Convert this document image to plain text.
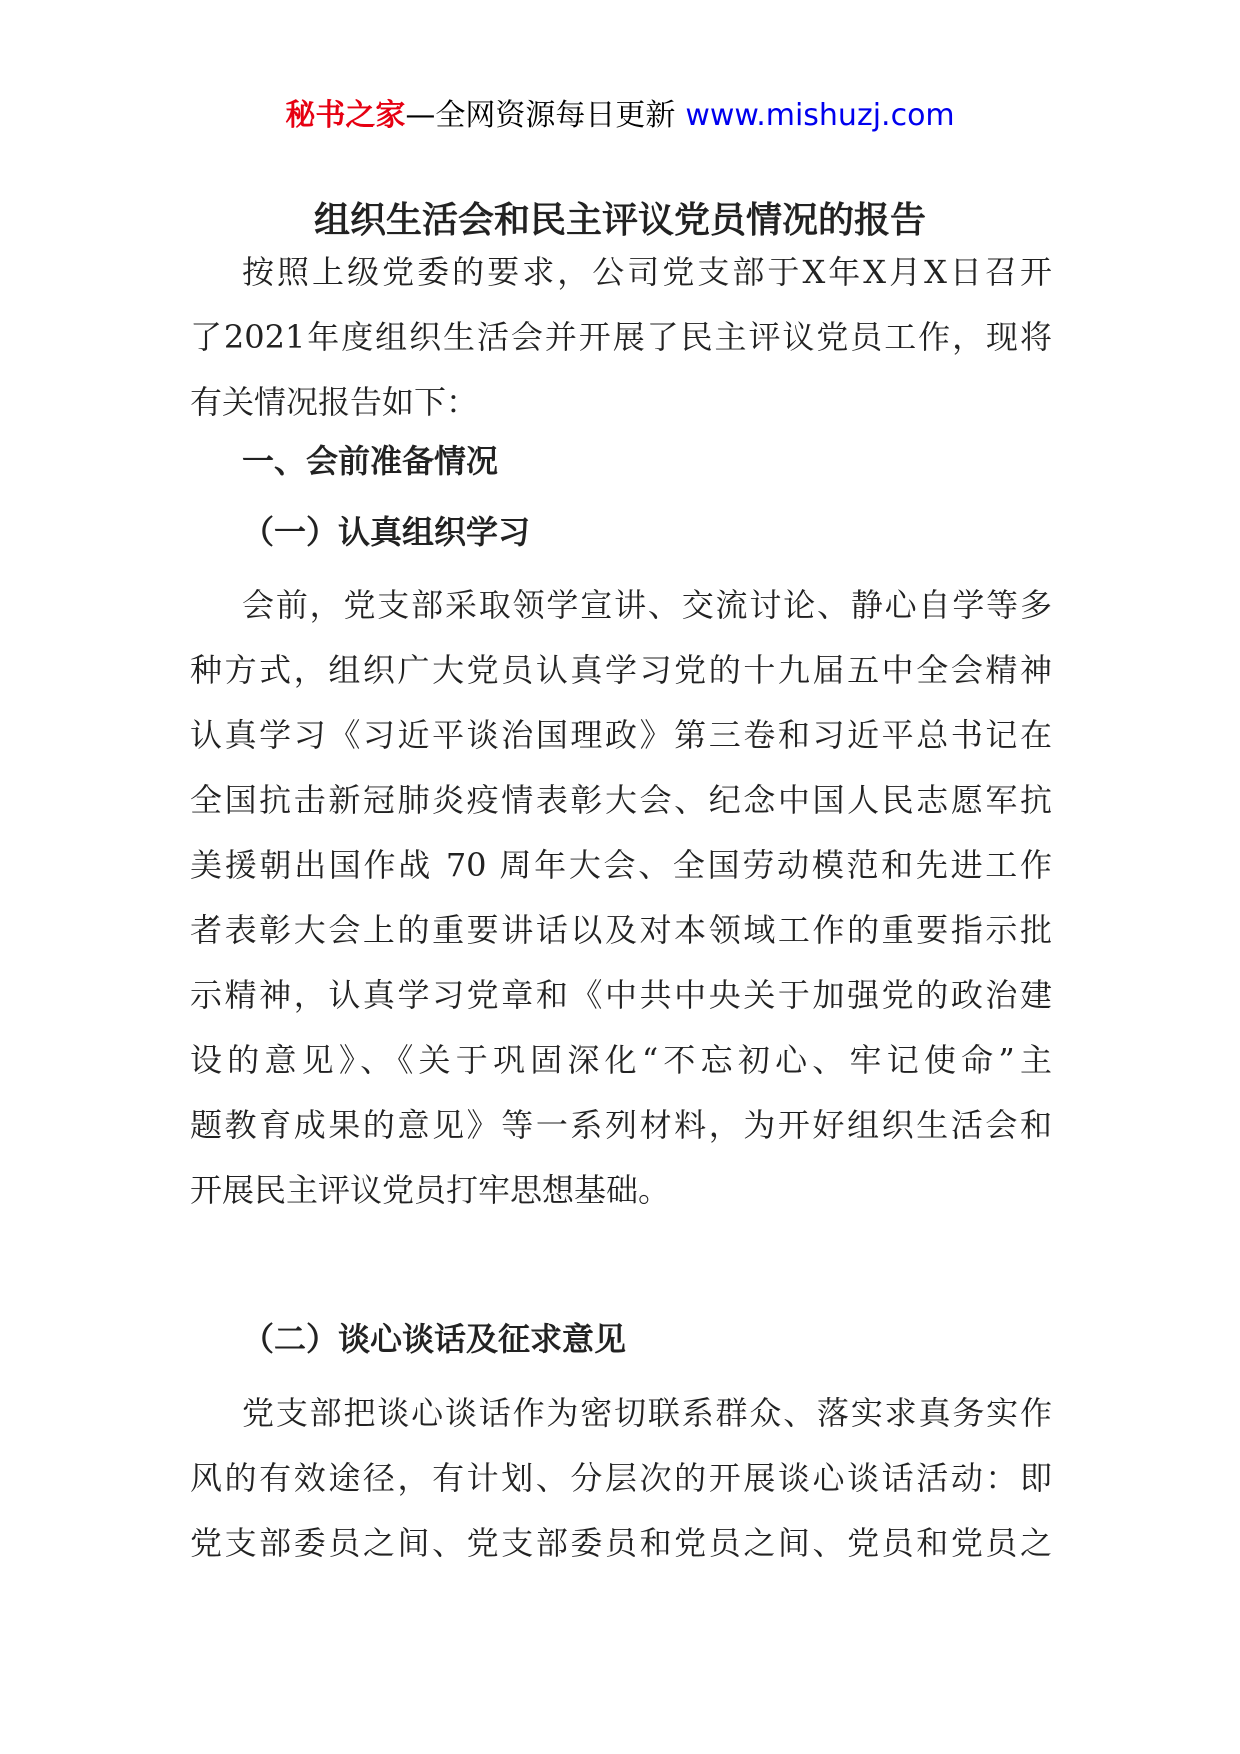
秘书之家—全网资源每日更新 www.mishuzj.com
组织生活会和民主评议党员情况的报告
按照上级党委的要求，公司党支部于X年X月X日召开
了2021年度组织生活会并开展了民主评议党员工作，现将
有关情况报告如下：
一、会前准备情况
（一）认真组织学习
会前，党支部采取领学宣讲、交流讨论、静心自学等多
种方式，组织广大党员认真学习党的十九届五中全会精神
认真学习《习近平谈治国理政》第三卷和习近平总书记在
全国抗击新冠肺炎疫情表彰大会、纪念中国人民志愿军抗
美援朝出国作战 70 周年大会、全国劳动模范和先进工作
者表彰大会上的重要讲话以及对本领域工作的重要指示批
示精神，认真学习党章和《中共中央关于加强党的政治建
设的意见》、《关于巩固深化“不忘初心、牢记使命”主
题教育成果的意见》等一系列材料，为开好组织生活会和
开展民主评议党员打牢思想基础。
（二）谈心谈话及征求意见
党支部把谈心谈话作为密切联系群众、落实求真务实作
风的有效途径，有计划、分层次的开展谈心谈话活动：即
党支部委员之间、党支部委员和党员之间、党员和党员之
